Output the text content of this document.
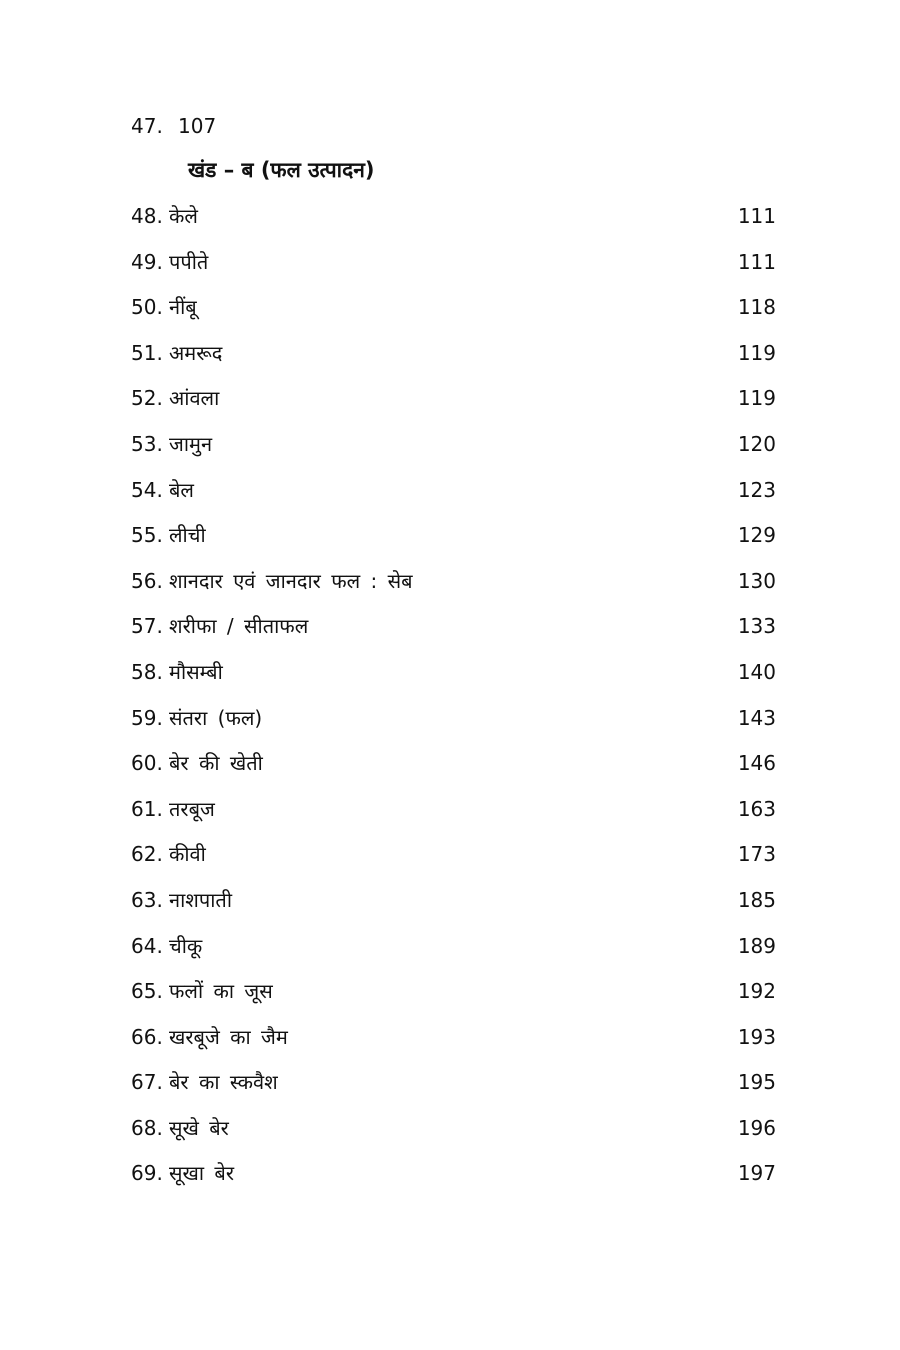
47. 107
खंड – ब (फल उत्पादन)
48. केले	111
49. पपीते	111
50. नींबू	118
51. अमरूद	119
52. आंवला	119
53. जामुन	120
54. बेल	123
55. लीची	129
56. शानदार एवं जानदार फल : सेब	130
57. शरीफा / सीताफल	133
58. मौसम्बी	140
59. संतरा (फल)	143
60. बेर की खेती	146
61. तरबूज	163
62. कीवी	173
63. नाशपाती	185
64. चीकू	189
65. फलों का जूस	192
66. खरबूजे का जैम	193
67. बेर का स्कवैश	195
68. सूखे बेर	196
69. सूखा बेर	197
